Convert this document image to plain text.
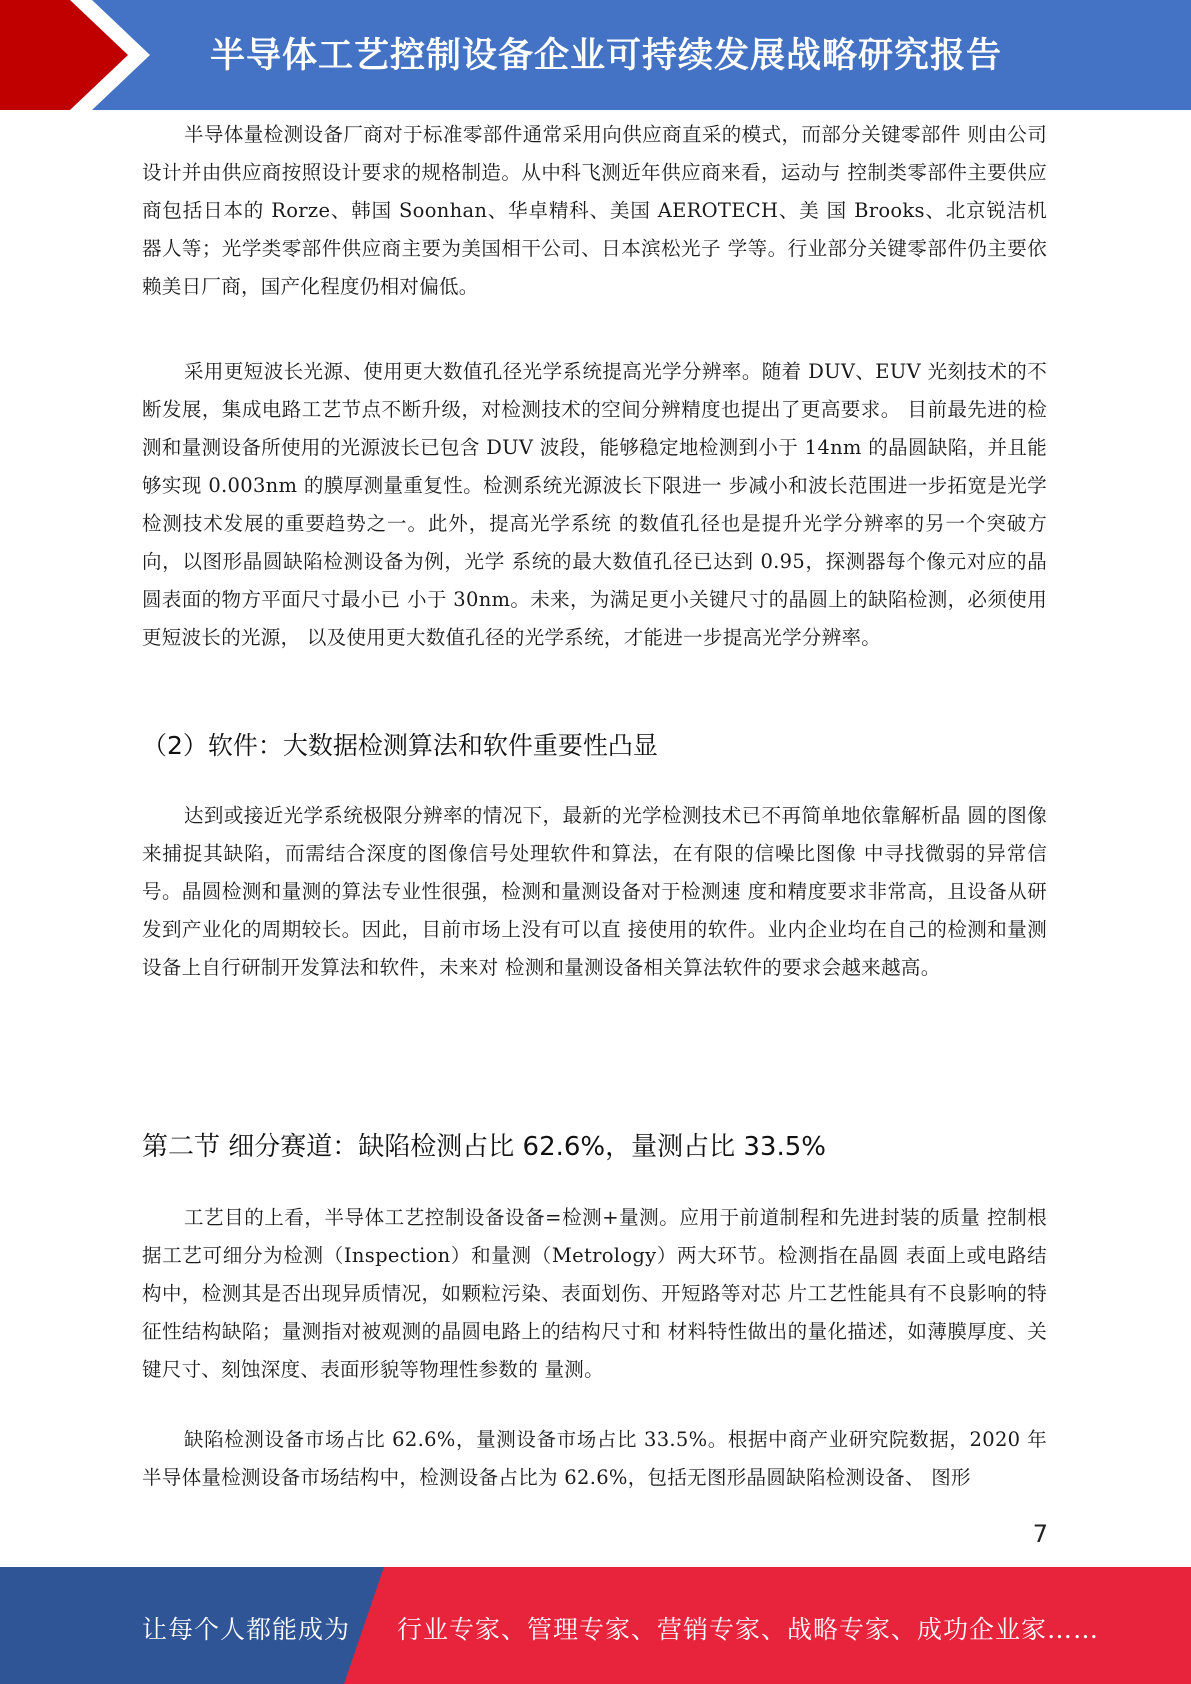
半导体工艺控制设备企业可持续发展战略研究报告

半导体量检测设备厂商对于标准零部件通常采用向供应商直采的模式，而部分关键零部件 则由公司设计并由供应商按照设计要求的规格制造。从中科飞测近年供应商来看，运动与 控制类零部件主要供应商包括日本的 Rorze、韩国 Soonhan、华卓精科、美国 AEROTECH、美 国 Brooks、北京锐洁机器人等；光学类零部件供应商主要为美国相干公司、日本滨松光子 学等。行业部分关键零部件仍主要依赖美日厂商，国产化程度仍相对偏低。

采用更短波长光源、使用更大数值孔径光学系统提高光学分辨率。随着 DUV、EUV 光刻技术的不断发展，集成电路工艺节点不断升级，对检测技术的空间分辨精度也提出了更高要求。 目前最先进的检测和量测设备所使用的光源波长已包含 DUV 波段，能够稳定地检测到小于 14nm 的晶圆缺陷，并且能够实现 0.003nm 的膜厚测量重复性。检测系统光源波长下限进一 步减小和波长范围进一步拓宽是光学检测技术发展的重要趋势之一。此外，提高光学系统 的数值孔径也是提升光学分辨率的另一个突破方向，以图形晶圆缺陷检测设备为例，光学 系统的最大数值孔径已达到 0.95，探测器每个像元对应的晶圆表面的物方平面尺寸最小已 小于 30nm。未来，为满足更小关键尺寸的晶圆上的缺陷检测，必须使用更短波长的光源， 以及使用更大数值孔径的光学系统，才能进一步提高光学分辨率。

（2）软件：大数据检测算法和软件重要性凸显

达到或接近光学系统极限分辨率的情况下，最新的光学检测技术已不再简单地依靠解析晶 圆的图像来捕捉其缺陷，而需结合深度的图像信号处理软件和算法，在有限的信噪比图像 中寻找微弱的异常信号。晶圆检测和量测的算法专业性很强，检测和量测设备对于检测速 度和精度要求非常高，且设备从研发到产业化的周期较长。因此，目前市场上没有可以直 接使用的软件。业内企业均在自己的检测和量测设备上自行研制开发算法和软件，未来对 检测和量测设备相关算法软件的要求会越来越高。

第二节 细分赛道：缺陷检测占比 62.6%，量测占比 33.5%

工艺目的上看，半导体工艺控制设备设备=检测+量测。应用于前道制程和先进封装的质量 控制根据工艺可细分为检测（Inspection）和量测（Metrology）两大环节。检测指在晶圆 表面上或电路结构中，检测其是否出现异质情况，如颗粒污染、表面划伤、开短路等对芯 片工艺性能具有不良影响的特征性结构缺陷；量测指对被观测的晶圆电路上的结构尺寸和 材料特性做出的量化描述，如薄膜厚度、关键尺寸、刻蚀深度、表面形貌等物理性参数的 量测。

缺陷检测设备市场占比 62.6%，量测设备市场占比 33.5%。根据中商产业研究院数据，2020 年半导体量检测设备市场结构中，检测设备占比为 62.6%，包括无图形晶圆缺陷检测设备、 图形

7
让每个人都能成为 行业专家、管理专家、营销专家、战略专家、成功企业家……
